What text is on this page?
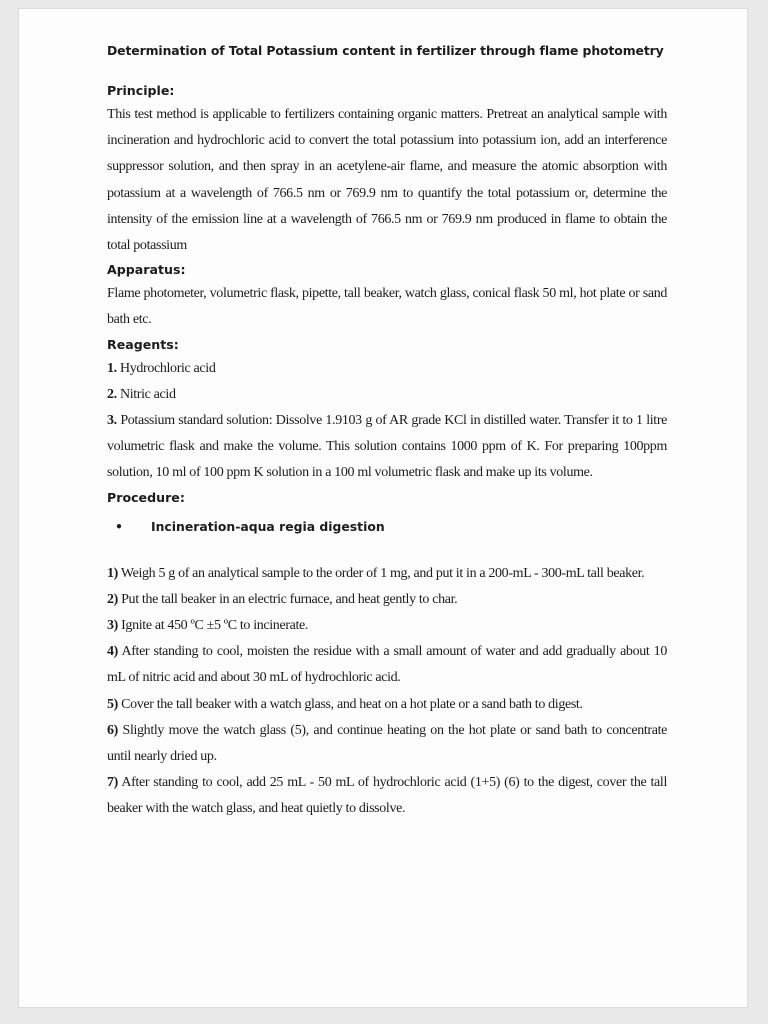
Determination of Total Potassium content in fertilizer through flame photometry

Principle:

This test method is applicable to fertilizers containing organic matters. Pretreat an analytical sample with incineration and hydrochloric acid to convert the total potassium into potassium ion, add an interference suppressor solution, and then spray in an acetylene-air flame, and measure the atomic absorption with potassium at a wavelength of 766.5 nm or 769.9 nm to quantify the total potassium or, determine the intensity of the emission line at a wavelength of 766.5 nm or 769.9 nm produced in flame to obtain the total potassium

Apparatus:

Flame photometer, volumetric flask, pipette, tall beaker, watch glass, conical flask 50 ml, hot plate or sand bath etc.

Reagents:

1. Hydrochloric acid

2. Nitric acid

3. Potassium standard solution: Dissolve 1.9103 g of AR grade KCl in distilled water. Transfer it to 1 litre volumetric flask and make the volume. This solution contains 1000 ppm of K. For preparing 100ppm solution, 10 ml of 100 ppm K solution in a 100 ml volumetric flask and make up its volume.

Procedure:

• Incineration-aqua regia digestion

1) Weigh 5 g of an analytical sample to the order of 1 mg, and put it in a 200-mL - 300-mL tall beaker.

2) Put the tall beaker in an electric furnace, and heat gently to char.

3) Ignite at 450 ºC ±5 ºC to incinerate.

4) After standing to cool, moisten the residue with a small amount of water and add gradually about 10 mL of nitric acid and about 30 mL of hydrochloric acid.

5) Cover the tall beaker with a watch glass, and heat on a hot plate or a sand bath to digest.

6) Slightly move the watch glass (5), and continue heating on the hot plate or sand bath to concentrate until nearly dried up.

7) After standing to cool, add 25 mL - 50 mL of hydrochloric acid (1+5) (6) to the digest, cover the tall beaker with the watch glass, and heat quietly to dissolve.
